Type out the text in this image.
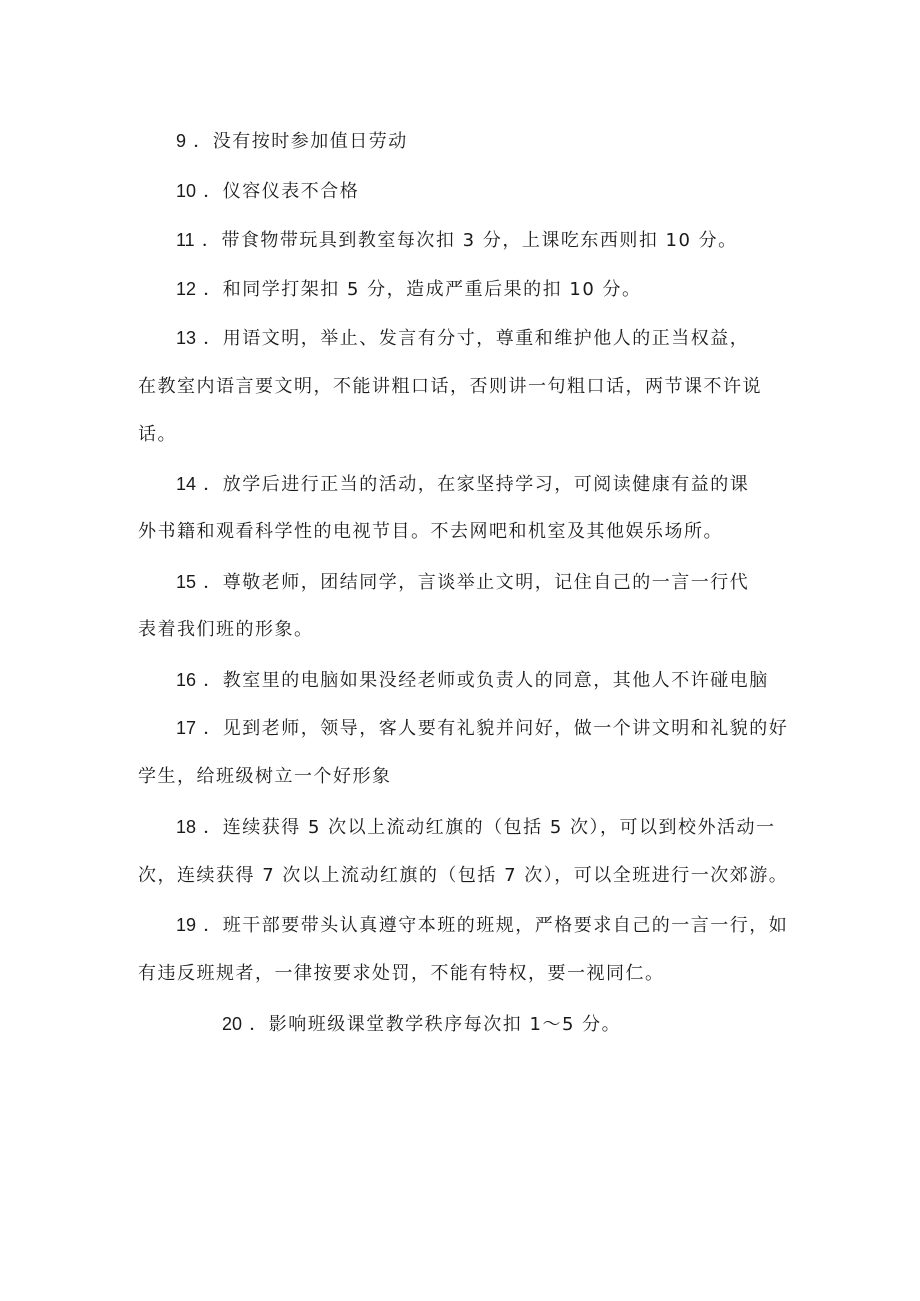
9 ．没有按时参加值日劳动
10 ．仪容仪表不合格
11 ．带食物带玩具到教室每次扣 3 分，上课吃东西则扣 10 分。
12 ．和同学打架扣 5 分，造成严重后果的扣 10 分。
13 ．用语文明，举止、发言有分寸，尊重和维护他人的正当权益，
在教室内语言要文明，不能讲粗口话，否则讲一句粗口话，两节课不许说
话。
14 ．放学后进行正当的活动，在家坚持学习，可阅读健康有益的课
外书籍和观看科学性的电视节目。不去网吧和机室及其他娱乐场所。
15 ．尊敬老师，团结同学，言谈举止文明，记住自己的一言一行代
表着我们班的形象。
16 ．教室里的电脑如果没经老师或负责人的同意，其他人不许碰电脑
17 ．见到老师，领导，客人要有礼貌并问好，做一个讲文明和礼貌的好
学生，给班级树立一个好形象
18 ．连续获得 5 次以上流动红旗的（包括 5 次），可以到校外活动一
次，连续获得 7 次以上流动红旗的（包括 7 次），可以全班进行一次郊游。
19 ．班干部要带头认真遵守本班的班规，严格要求自己的一言一行，如
有违反班规者，一律按要求处罚，不能有特权，要一视同仁。
20 ．影响班级课堂教学秩序每次扣 1～5 分。
